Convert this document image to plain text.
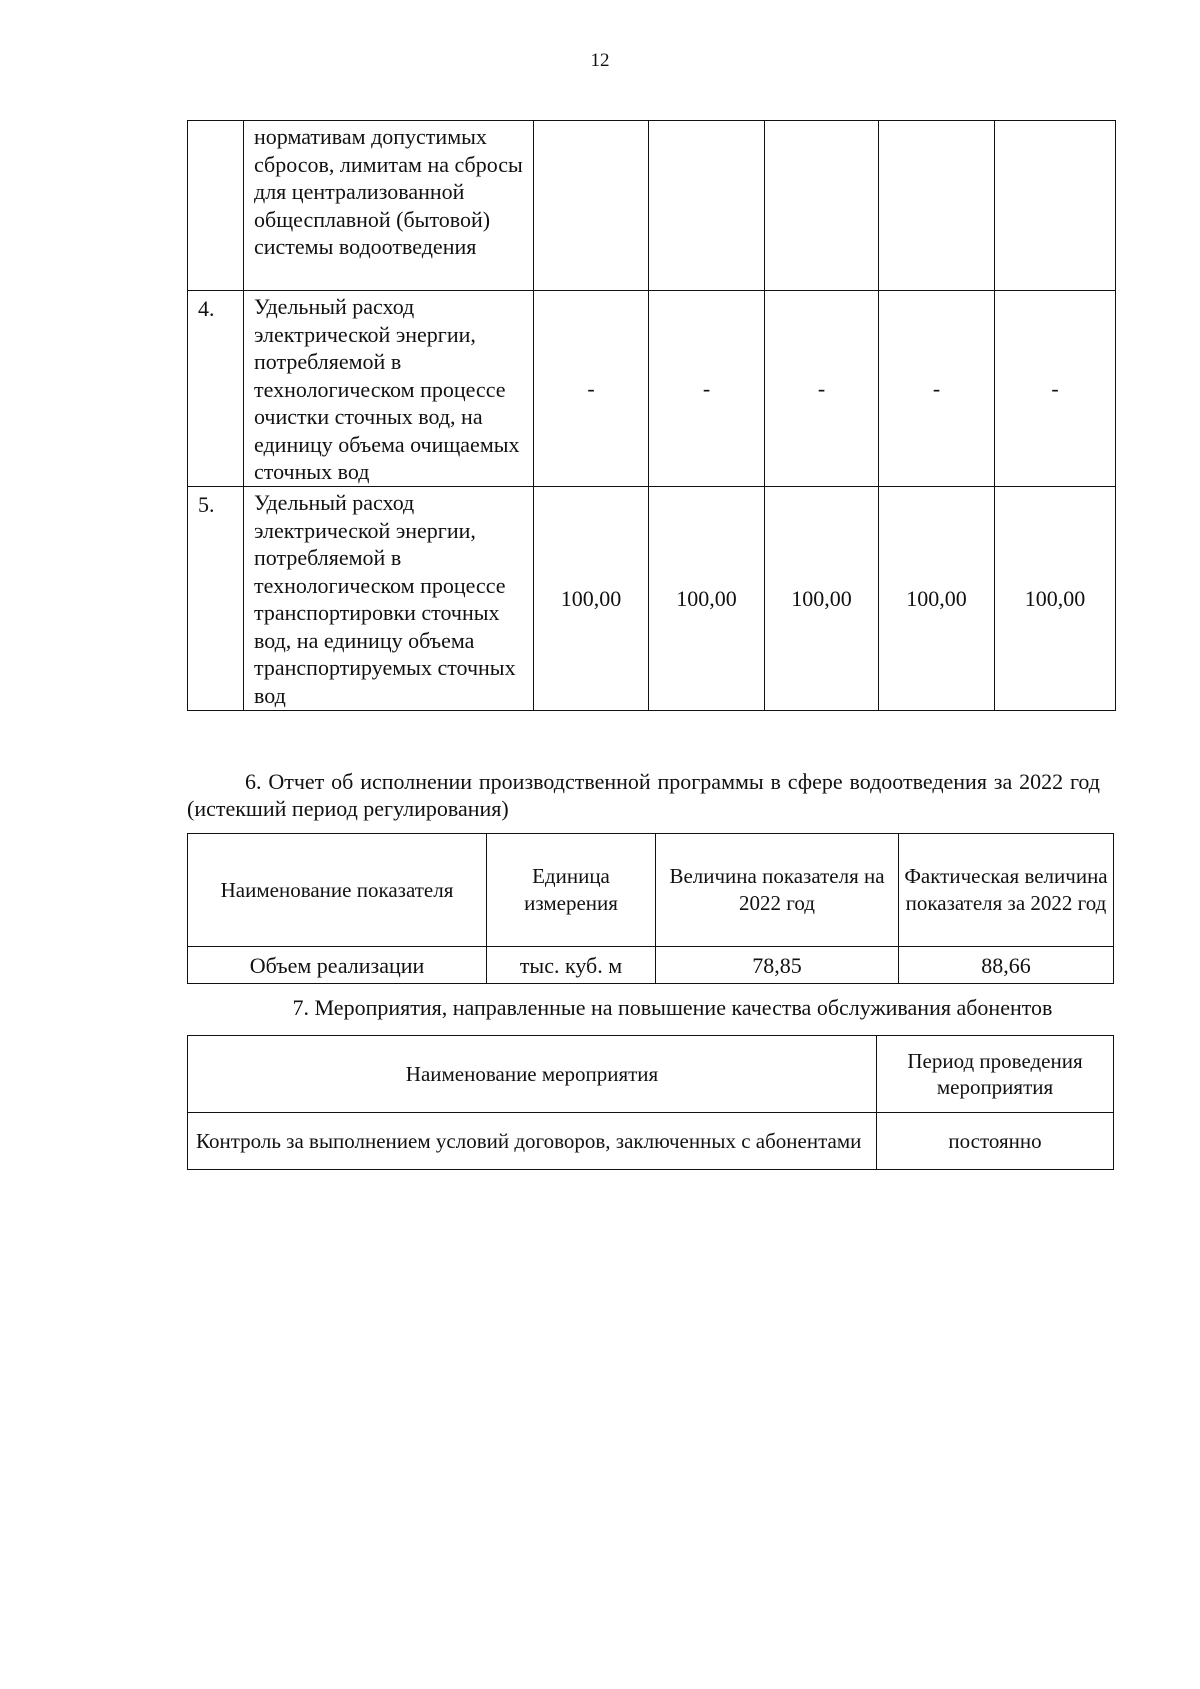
12
	нормативам допустимых сбросов, лимитам на сбросы для централизованной общесплавной (бытовой) системы водоотведения					
4.	Удельный расход электрической энергии, потребляемой в технологическом процессе очистки сточных вод, на единицу объема очищаемых сточных вод	-	-	-	-	-
5.	Удельный расход электрической энергии, потребляемой в технологическом процессе транспортировки сточных вод, на единицу объема транспортируемых сточных вод	100,00	100,00	100,00	100,00	100,00
6. Отчет об исполнении производственной программы в сфере водоотведения за 2022 год (истекший период регулирования)
Наименование показателя	Единица измерения	Величина показателя на 2022 год	Фактическая величина показателя за 2022 год
Объем реализации	тыс. куб. м	78,85	88,66
7. Мероприятия, направленные на повышение качества обслуживания абонентов
Наименование мероприятия	Период проведения мероприятия
Контроль за выполнением условий договоров, заключенных с абонентами	постоянно
